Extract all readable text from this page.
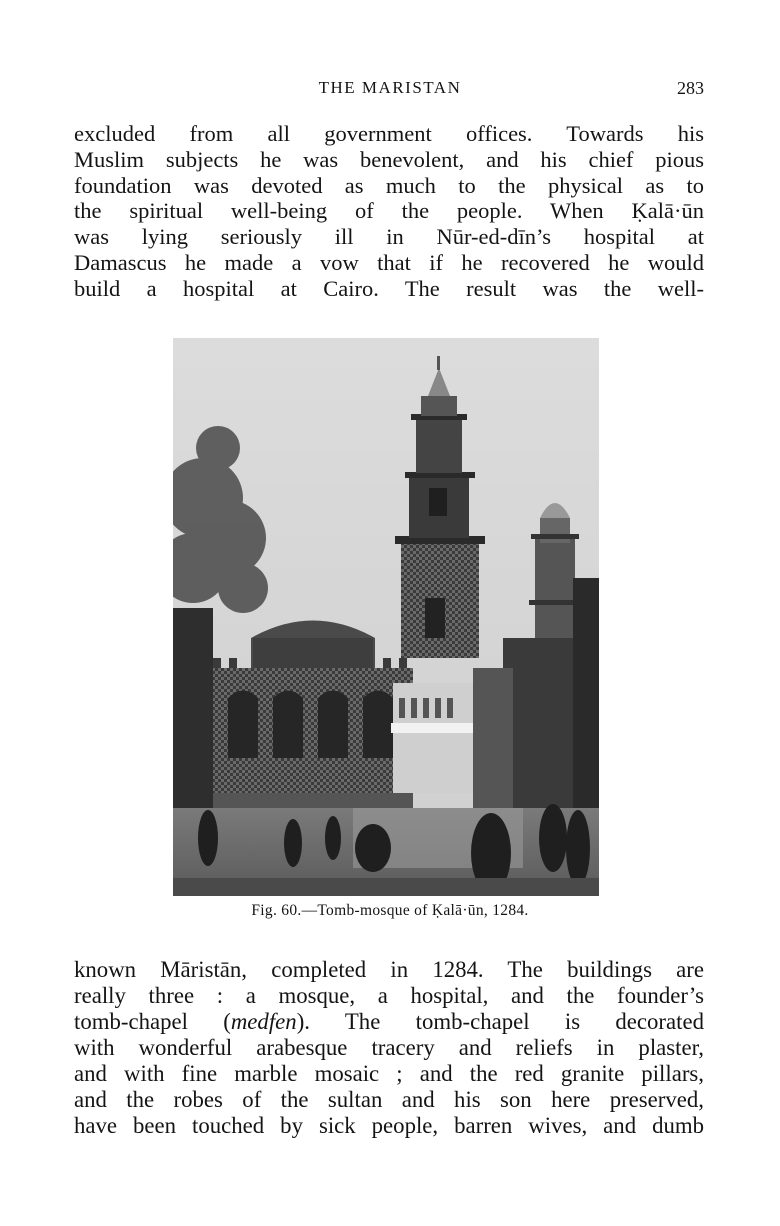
THE MARISTAN	283
excluded from all government offices. Towards his
Muslim subjects he was benevolent, and his chief pious
foundation was devoted as much to the physical as to
the spiritual well-being of the people. When Ḳalā·ūn
was lying seriously ill in Nūr-ed-dīn’s hospital at
Damascus he made a vow that if he recovered he would
build a hospital at Cairo. The result was the well-
Fig. 60.—Tomb-mosque of Ḳalā·ūn, 1284.
known Māristān, completed in 1284. The buildings are
really three : a mosque, a hospital, and the founder’s
tomb-chapel (medfen). The tomb-chapel is decorated
with wonderful arabesque tracery and reliefs in plaster,
and with fine marble mosaic ; and the red granite pillars,
and the robes of the sultan and his son here preserved,
have been touched by sick people, barren wives, and dumb
